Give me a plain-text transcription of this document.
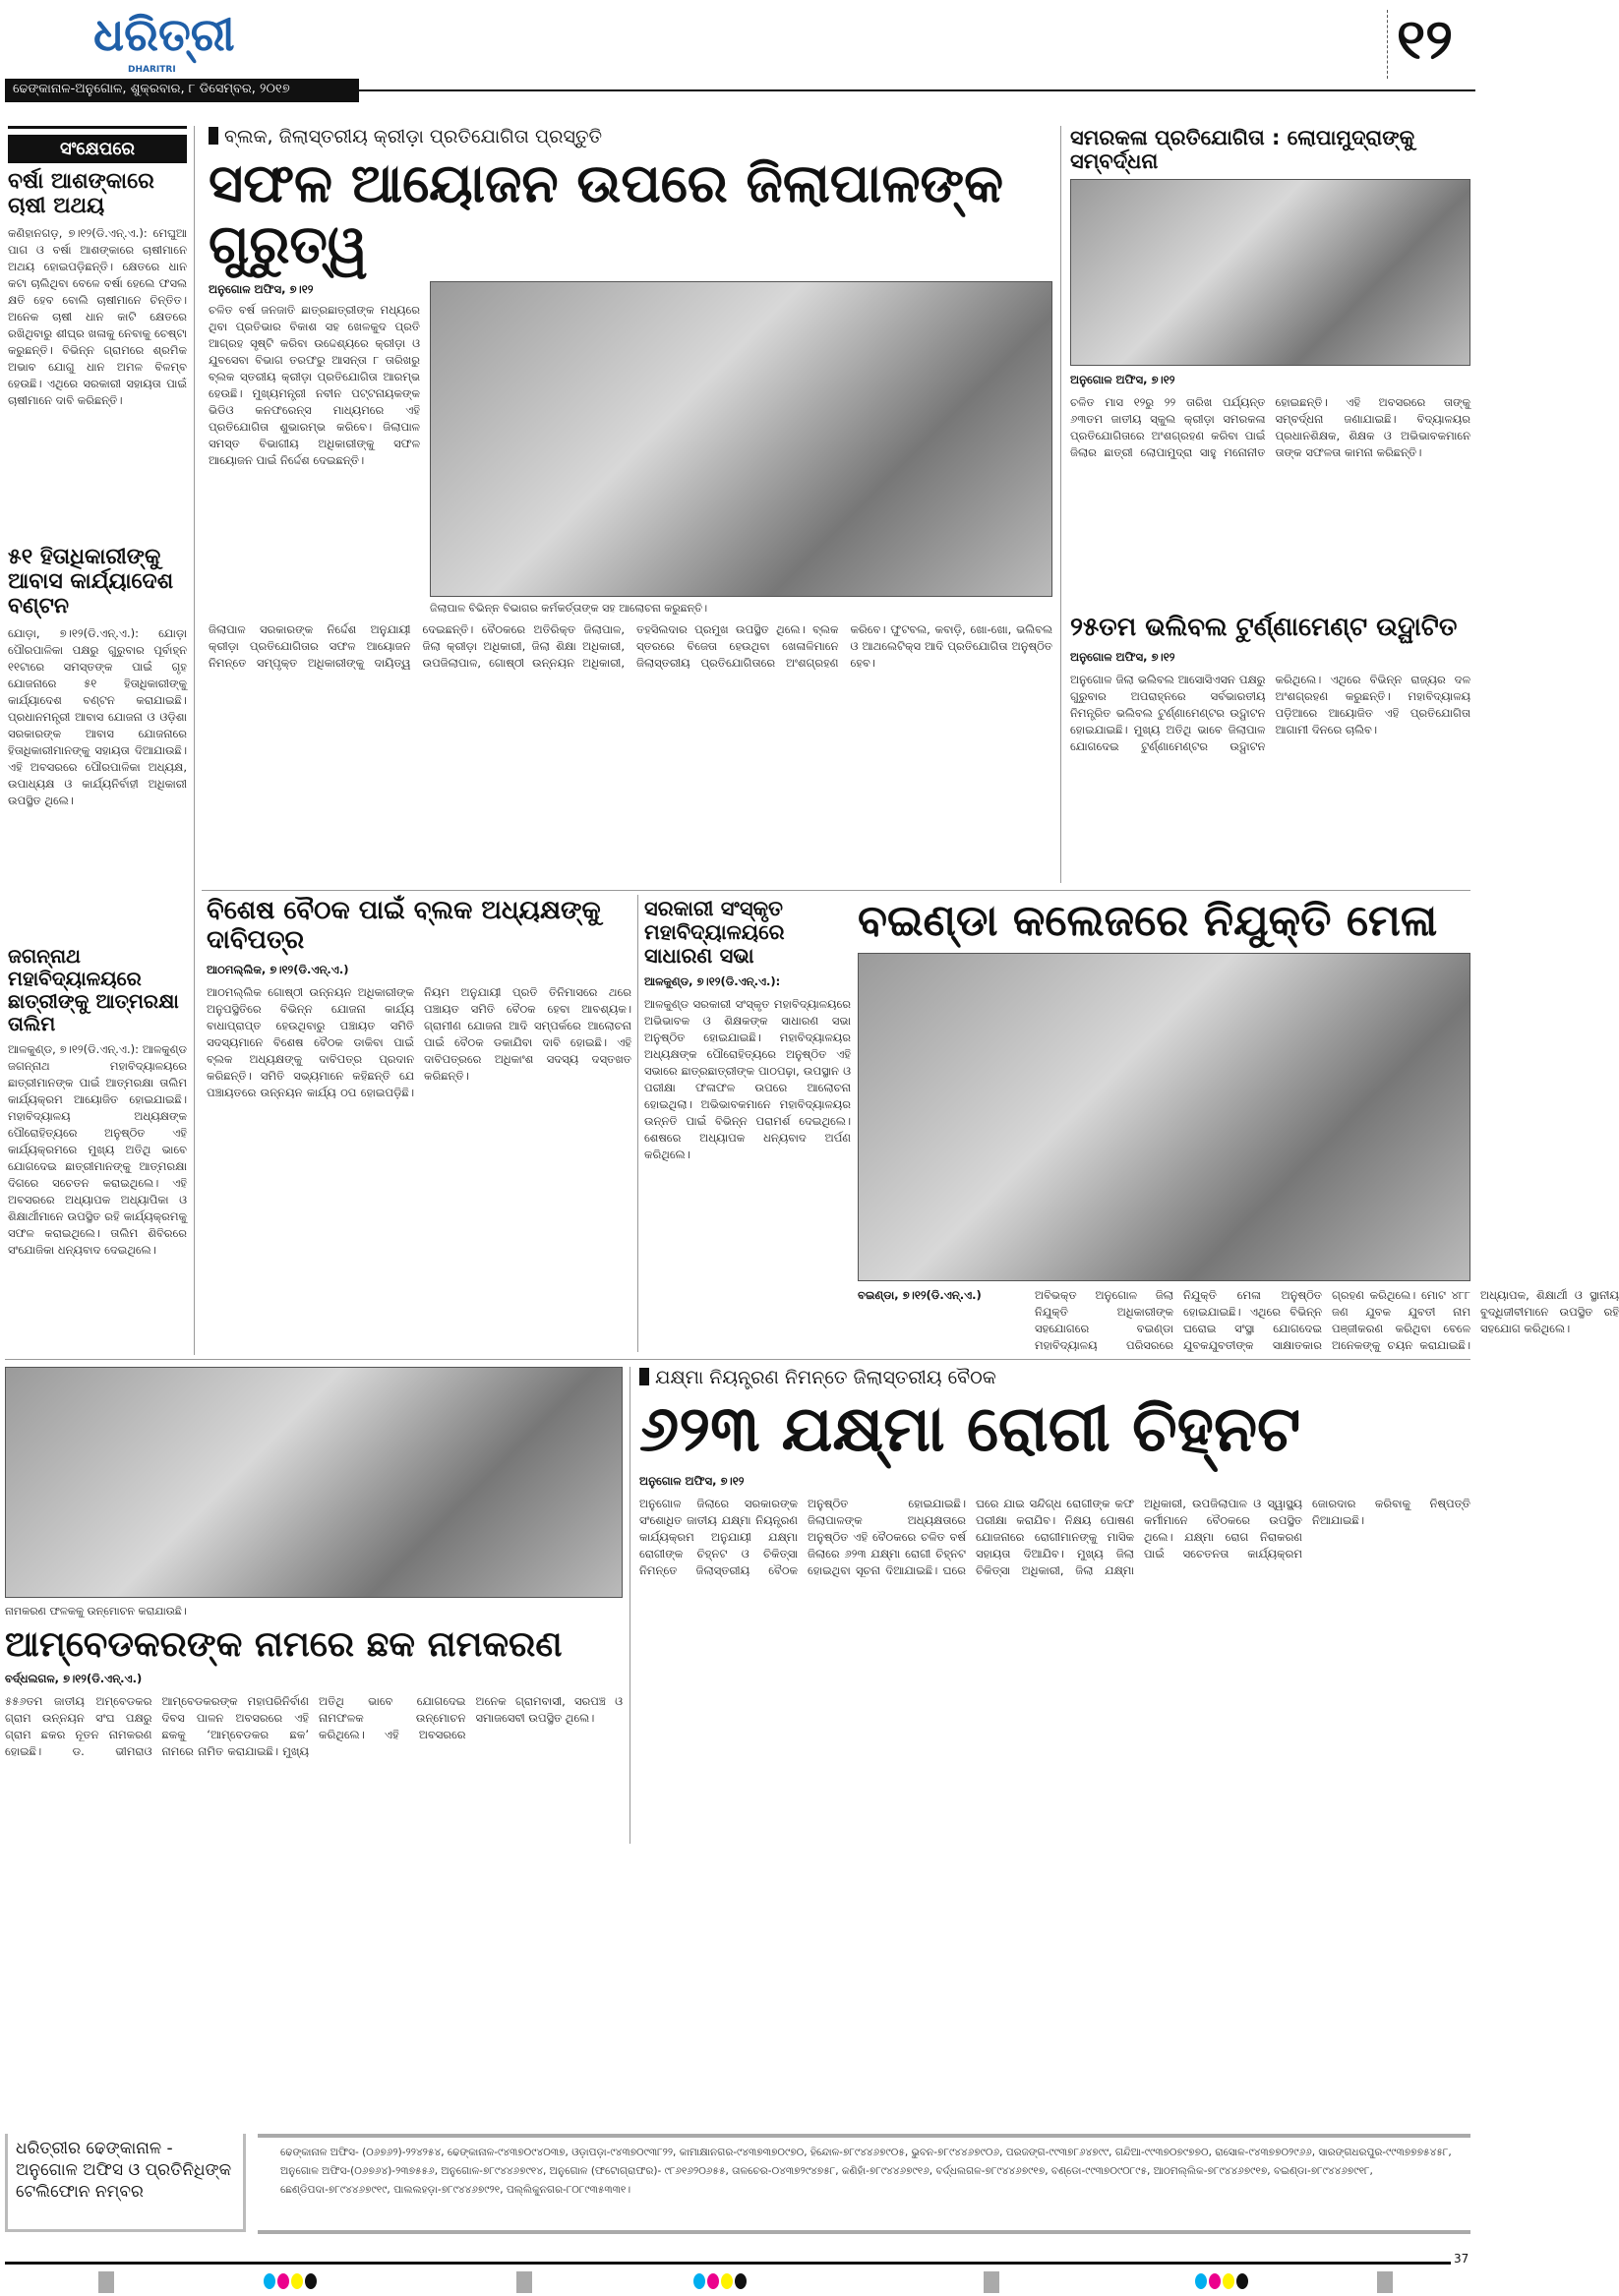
ଧରିତ୍ରୀ
DHARITRI
ଢେଙ୍କାନାଳ-ଅନୁଗୋଳ, ଶୁକ୍ରବାର, ୮ ଡିସେମ୍ବର, ୨୦୧୭
୧୨
ସଂକ୍ଷେପରେ
ବର୍ଷା ଆଶଙ୍କାରେ ଚାଷୀ ଅଥୟ
କଣିହାନଗଡ଼, ୭।୧୨(ଡି.ଏନ୍.ଏ.): ମେଘୁଆ ପାଗ ଓ ବର୍ଷା ଆଶଙ୍କାରେ ଚାଷୀମାନେ ଅଥୟ ହୋଇପଡ଼ିଛନ୍ତି। କ୍ଷେତରେ ଧାନ କଟା ଚାଲିଥିବା ବେଳେ ବର୍ଷା ହେଲେ ଫସଲ କ୍ଷତି ହେବ ବୋଲି ଚାଷୀମାନେ ଚିନ୍ତିତ। ଅନେକ ଚାଷୀ ଧାନ କାଟି କ୍ଷେତରେ ରଖିଥିବାରୁ ଶୀଘ୍ର ଖଳାକୁ ନେବାକୁ ଚେଷ୍ଟା କରୁଛନ୍ତି। ବିଭିନ୍ନ ଗ୍ରାମରେ ଶ୍ରମିକ ଅଭାବ ଯୋଗୁ ଧାନ ଅମଳ ବିଳମ୍ବ ହେଉଛି। ଏଥିରେ ସରକାରୀ ସହାୟତା ପାଇଁ ଚାଷୀମାନେ ଦାବି କରିଛନ୍ତି।
୫୧ ହିତାଧିକାରୀଙ୍କୁ ଆବାସ କାର୍ଯ୍ୟାଦେଶ ବଣ୍ଟନ
ଯୋଡ଼ା, ୭।୧୨(ଡି.ଏନ୍.ଏ.): ଯୋଡ଼ା ପୌରପାଳିକା ପକ୍ଷରୁ ଗୁରୁବାର ପୂର୍ବାହ୍ନ ୧୧ଟାରେ ସମସ୍ତଙ୍କ ପାଇଁ ଗୃହ ଯୋଜନାରେ ୫୧ ହିତାଧିକାରୀଙ୍କୁ କାର୍ଯ୍ୟାଦେଶ ବଣ୍ଟନ କରାଯାଇଛି। ପ୍ରଧାନମନ୍ତ୍ରୀ ଆବାସ ଯୋଜନା ଓ ଓଡ଼ିଶା ସରକାରଙ୍କ ଆବାସ ଯୋଜନାରେ ହିତାଧିକାରୀମାନଙ୍କୁ ସହାୟତା ଦିଆଯାଉଛି। ଏହି ଅବସରରେ ପୌରପାଳିକା ଅଧ୍ୟକ୍ଷ, ଉପାଧ୍ୟକ୍ଷ ଓ କାର୍ଯ୍ୟନିର୍ବାହୀ ଅଧିକାରୀ ଉପସ୍ଥିତ ଥିଲେ।
ଜଗନ୍ନାଥ ମହାବିଦ୍ୟାଳୟରେ ଛାତ୍ରୀଙ୍କୁ ଆତ୍ମରକ୍ଷା ତାଲିମ
ଆଳକୁଣ୍ଡ, ୭।୧୨(ଡି.ଏନ୍.ଏ.): ଆଳକୁଣ୍ଡ ଜଗନ୍ନାଥ ମହାବିଦ୍ୟାଳୟରେ ଛାତ୍ରୀମାନଙ୍କ ପାଇଁ ଆତ୍ମରକ୍ଷା ତାଲିମ କାର୍ଯ୍ୟକ୍ରମ ଆୟୋଜିତ ହୋଇଯାଇଛି। ମହାବିଦ୍ୟାଳୟ ଅଧ୍ୟକ୍ଷଙ୍କ ପୌରୋହିତ୍ୟରେ ଅନୁଷ୍ଠିତ ଏହି କାର୍ଯ୍ୟକ୍ରମରେ ମୁଖ୍ୟ ଅତିଥି ଭାବେ ଯୋଗଦେଇ ଛାତ୍ରୀମାନଙ୍କୁ ଆତ୍ମରକ୍ଷା ଦିଗରେ ସଚେତନ କରାଇଥିଲେ। ଏହି ଅବସରରେ ଅଧ୍ୟାପକ ଅଧ୍ୟାପିକା ଓ ଶିକ୍ଷାର୍ଥୀମାନେ ଉପସ୍ଥିତ ରହି କାର୍ଯ୍ୟକ୍ରମକୁ ସଫଳ କରାଇଥିଲେ। ତାଲିମ ଶିବିରରେ ସଂଯୋଜିକା ଧନ୍ୟବାଦ ଦେଇଥିଲେ।
ବ୍ଲକ, ଜିଲାସ୍ତରୀୟ କ୍ରୀଡ଼ା ପ୍ରତିଯୋଗିତା ପ୍ରସ୍ତୁତି
ସଫଳ ଆୟୋଜନ ଉପରେ ଜିଲାପାଳଙ୍କ ଗୁରୁତ୍ୱ
ଅନୁଗୋଳ ଅଫିସ, ୭।୧୨
ଚଳିତ ବର୍ଷ ଜନଜାତି ଛାତ୍ରଛାତ୍ରୀଙ୍କ ମଧ୍ୟରେ ଥିବା ପ୍ରତିଭାର ବିକାଶ ସହ ଖେଳକୁଦ ପ୍ରତି ଆଗ୍ରହ ସୃଷ୍ଟି କରିବା ଉଦ୍ଦେଶ୍ୟରେ କ୍ରୀଡ଼ା ଓ ଯୁବସେବା ବିଭାଗ ତରଫରୁ ଆସନ୍ତା ୮ ତାରିଖରୁ ବ୍ଲକ ସ୍ତରୀୟ କ୍ରୀଡ଼ା ପ୍ରତିଯୋଗିତା ଆରମ୍ଭ ହେଉଛି। ମୁଖ୍ୟମନ୍ତ୍ରୀ ନବୀନ ପଟ୍ଟନାୟକଙ୍କ ଭିଡିଓ କନଫରେନ୍ସ ମାଧ୍ୟମରେ ଏହି ପ୍ରତିଯୋଗିତା ଶୁଭାରମ୍ଭ କରିବେ। ଜିଲାପାଳ ସମସ୍ତ ବିଭାଗୀୟ ଅଧିକାରୀଙ୍କୁ ସଫଳ ଆୟୋଜନ ପାଇଁ ନିର୍ଦ୍ଦେଶ ଦେଇଛନ୍ତି।
ଜିଲାପାଳ ବିଭିନ୍ନ ବିଭାଗର କର୍ମକର୍ତ୍ତାଙ୍କ ସହ ଆଲୋଚନା କରୁଛନ୍ତି।
ଜିଲାପାଳ ସରକାରଙ୍କ ନିର୍ଦ୍ଦେଶ ଅନୁଯାୟୀ କ୍ରୀଡ଼ା ପ୍ରତିଯୋଗିତାର ସଫଳ ଆୟୋଜନ ନିମନ୍ତେ ସମ୍ପୃକ୍ତ ଅଧିକାରୀଙ୍କୁ ଦାୟିତ୍ୱ ଦେଇଛନ୍ତି। ବୈଠକରେ ଅତିରିକ୍ତ ଜିଲାପାଳ, ଜିଲା କ୍ରୀଡ଼ା ଅଧିକାରୀ, ଜିଲା ଶିକ୍ଷା ଅଧିକାରୀ, ଉପଜିଲାପାଳ, ଗୋଷ୍ଠୀ ଉନ୍ନୟନ ଅଧିକାରୀ, ତହସିଲଦାର ପ୍ରମୁଖ ଉପସ୍ଥିତ ଥିଲେ। ବ୍ଲକ ସ୍ତରରେ ବିଜେତା ହେଉଥିବା ଖେଳାଳିମାନେ ଜିଲାସ୍ତରୀୟ ପ୍ରତିଯୋଗିତାରେ ଅଂଶଗ୍ରହଣ କରିବେ। ଫୁଟବଲ, କବାଡ଼ି, ଖୋ-ଖୋ, ଭଲିବଲ ଓ ଆଥଲେଟିକ୍ସ ଆଦି ପ୍ରତିଯୋଗିତା ଅନୁଷ୍ଠିତ ହେବ।
ସମରକଳା ପ୍ରତିଯୋଗିତା : ଲୋପାମୁଦ୍ରାଙ୍କୁ ସମ୍ବର୍ଦ୍ଧନା
ଅନୁଗୋଳ ଅଫିସ, ୭।୧୨
ଚଳିତ ମାସ ୧୨ରୁ ୨୨ ତାରିଖ ପର୍ଯ୍ୟନ୍ତ ୬୩ତମ ଜାତୀୟ ସ୍କୁଲ କ୍ରୀଡ଼ା ସମରକଳା ପ୍ରତିଯୋଗିତାରେ ଅଂଶଗ୍ରହଣ କରିବା ପାଇଁ ଜିଲାର ଛାତ୍ରୀ ଲୋପାମୁଦ୍ରା ସାହୁ ମନୋନୀତ ହୋଇଛନ୍ତି। ଏହି ଅବସରରେ ତାଙ୍କୁ ସମ୍ବର୍ଦ୍ଧନା ଜଣାଯାଇଛି। ବିଦ୍ୟାଳୟର ପ୍ରଧାନଶିକ୍ଷକ, ଶିକ୍ଷକ ଓ ଅଭିଭାବକମାନେ ତାଙ୍କ ସଫଳତା କାମନା କରିଛନ୍ତି।
୨୫ତମ ଭଲିବଲ ଟୁର୍ଣ୍ଣାମେଣ୍ଟ ଉଦ୍ଘାଟିତ
ଅନୁଗୋଳ ଅଫିସ, ୭।୧୨
ଅନୁଗୋଳ ଜିଲା ଭଲିବଲ ଆସୋସିଏସନ ପକ୍ଷରୁ ଗୁରୁବାର ଅପରାହ୍ନରେ ସର୍ବଭାରତୀୟ ନିମନ୍ତ୍ରିତ ଭଲିବଲ ଟୁର୍ଣ୍ଣାମେଣ୍ଟର ଉଦ୍ଘାଟନ ହୋଇଯାଇଛି। ମୁଖ୍ୟ ଅତିଥି ଭାବେ ଜିଲାପାଳ ଯୋଗଦେଇ ଟୁର୍ଣ୍ଣାମେଣ୍ଟର ଉଦ୍ଘାଟନ କରିଥିଲେ। ଏଥିରେ ବିଭିନ୍ନ ରାଜ୍ୟର ଦଳ ଅଂଶଗ୍ରହଣ କରୁଛନ୍ତି। ମହାବିଦ୍ୟାଳୟ ପଡ଼ିଆରେ ଆୟୋଜିତ ଏହି ପ୍ରତିଯୋଗିତା ଆଗାମୀ ଦିନରେ ଚାଲିବ।
ବିଶେଷ ବୈଠକ ପାଇଁ ବ୍ଲକ ଅଧ୍ୟକ୍ଷଙ୍କୁ ଦାବିପତ୍ର
ଆଠମଲ୍ଲିକ, ୭।୧୨(ଡି.ଏନ୍.ଏ.)
ଆଠମଲ୍ଲିକ ଗୋଷ୍ଠୀ ଉନ୍ନୟନ ଅଧିକାରୀଙ୍କ ଅନୁପସ୍ଥିତିରେ ବିଭିନ୍ନ ଯୋଜନା କାର୍ଯ୍ୟ ବାଧାପ୍ରାପ୍ତ ହେଉଥିବାରୁ ପଞ୍ଚାୟତ ସମିତି ସଦସ୍ୟମାନେ ବିଶେଷ ବୈଠକ ଡାକିବା ପାଇଁ ବ୍ଲକ ଅଧ୍ୟକ୍ଷଙ୍କୁ ଦାବିପତ୍ର ପ୍ରଦାନ କରିଛନ୍ତି। ସମିତି ସଭ୍ୟମାନେ କହିଛନ୍ତି ଯେ ପଞ୍ଚାୟତରେ ଉନ୍ନୟନ କାର୍ଯ୍ୟ ଠପ ହୋଇପଡ଼ିଛି। ନିୟମ ଅନୁଯାୟୀ ପ୍ରତି ତିନିମାସରେ ଥରେ ପଞ୍ଚାୟତ ସମିତି ବୈଠକ ହେବା ଆବଶ୍ୟକ। ଗ୍ରାମୀଣ ଯୋଜନା ଆଦି ସମ୍ପର୍କରେ ଆଲୋଚନା ପାଇଁ ବୈଠକ ଡକାଯିବା ଦାବି ହୋଇଛି। ଏହି ଦାବିପତ୍ରରେ ଅଧିକାଂଶ ସଦସ୍ୟ ଦସ୍ତଖତ କରିଛନ୍ତି।
ସରକାରୀ ସଂସ୍କୃତ ମହାବିଦ୍ୟାଳୟରେ ସାଧାରଣ ସଭା
ଆଳକୁଣ୍ଡ, ୭।୧୨(ଡି.ଏନ୍.ଏ.):
ଆଳକୁଣ୍ଡ ସରକାରୀ ସଂସ୍କୃତ ମହାବିଦ୍ୟାଳୟରେ ଅଭିଭାବକ ଓ ଶିକ୍ଷକଙ୍କ ସାଧାରଣ ସଭା ଅନୁଷ୍ଠିତ ହୋଇଯାଇଛି। ମହାବିଦ୍ୟାଳୟର ଅଧ୍ୟକ୍ଷଙ୍କ ପୌରୋହିତ୍ୟରେ ଅନୁଷ୍ଠିତ ଏହି ସଭାରେ ଛାତ୍ରଛାତ୍ରୀଙ୍କ ପାଠପଢ଼ା, ଉପସ୍ଥାନ ଓ ପରୀକ୍ଷା ଫଳାଫଳ ଉପରେ ଆଲୋଚନା ହୋଇଥିଲା। ଅଭିଭାବକମାନେ ମହାବିଦ୍ୟାଳୟର ଉନ୍ନତି ପାଇଁ ବିଭିନ୍ନ ପରାମର୍ଶ ଦେଇଥିଲେ। ଶେଷରେ ଅଧ୍ୟାପକ ଧନ୍ୟବାଦ ଅର୍ପଣ କରିଥିଲେ।
ବଇଣ୍ଡା କଲେଜରେ ନିଯୁକ୍ତି ମେଳା
ବଇଣ୍ଡା, ୭।୧୨(ଡି.ଏନ୍.ଏ.)	ଅବିଭକ୍ତ ଅନୁଗୋଳ ଜିଲା ନିଯୁକ୍ତି ଅଧିକାରୀଙ୍କ ସହଯୋଗରେ ବଇଣ୍ଡା ମହାବିଦ୍ୟାଳୟ ପରିସରରେ ନିଯୁକ୍ତି ମେଳା ଅନୁଷ୍ଠିତ ହୋଇଯାଇଛି। ଏଥିରେ ବିଭିନ୍ନ ଘରୋଇ ସଂସ୍ଥା ଯୋଗଦେଇ ଯୁବକଯୁବତୀଙ୍କ ସାକ୍ଷାତକାର ଗ୍ରହଣ କରିଥିଲେ। ମୋଟ ୪୮୮ ଜଣ ଯୁବକ ଯୁବତୀ ନାମ ପଞ୍ଜୀକରଣ କରିଥିବା ବେଳେ ଅନେକଙ୍କୁ ଚୟନ କରାଯାଇଛି। ଅଧ୍ୟାପକ, ଶିକ୍ଷାର୍ଥୀ ଓ ସ୍ଥାନୀୟ ବୁଦ୍ଧିଜୀବୀମାନେ ଉପସ୍ଥିତ ରହି ସହଯୋଗ କରିଥିଲେ।
ନାମକରଣ ଫଳକକୁ ଉନ୍ମୋଚନ କରାଯାଉଛି।
ଆମ୍ବେଡକରଙ୍କ ନାମରେ ଛକ ନାମକରଣ
ବର୍ଦ୍ଧଲଗଳ, ୭।୧୨(ଡି.ଏନ୍.ଏ.)
୫୫୬ତମ ଜାତୀୟ ଅମ୍ବେଡକର ଗ୍ରାମ ଉନ୍ନୟନ ସଂଘ ପକ୍ଷରୁ ଗ୍ରାମ ଛକର ନୂତନ ନାମକରଣ ହୋଇଛି। ଡ. ଭୀମରାଓ ଆମ୍ବେଡକରଙ୍କ ମହାପରିନିର୍ବାଣ ଦିବସ ପାଳନ ଅବସରରେ ଏହି ଛକକୁ ‘ଆମ୍ବେଡକର ଛକ’ ନାମରେ ନାମିତ କରାଯାଇଛି। ମୁଖ୍ୟ ଅତିଥି ଭାବେ ଯୋଗଦେଇ ନାମଫଳକ ଉନ୍ମୋଚନ କରିଥିଲେ। ଏହି ଅବସରରେ ଅନେକ ଗ୍ରାମବାସୀ, ସରପଞ୍ଚ ଓ ସମାଜସେବୀ ଉପସ୍ଥିତ ଥିଲେ।
ଯକ୍ଷ୍ମା ନିୟନ୍ତ୍ରଣ ନିମନ୍ତେ ଜିଲାସ୍ତରୀୟ ବୈଠକ
୬୨୩ ଯକ୍ଷ୍ମା ରୋଗୀ ଚିହ୍ନଟ
ଅନୁଗୋଳ ଅଫିସ, ୭।୧୨
ଅନୁଗୋଳ ଜିଲାରେ ସରକାରଙ୍କ ସଂଶୋଧିତ ଜାତୀୟ ଯକ୍ଷ୍ମା ନିୟନ୍ତ୍ରଣ କାର୍ଯ୍ୟକ୍ରମ ଅନୁଯାୟୀ ଯକ୍ଷ୍ମା ରୋଗୀଙ୍କ ଚିହ୍ନଟ ଓ ଚିକିତ୍ସା ନିମନ୍ତେ ଜିଲାସ୍ତରୀୟ ବୈଠକ ଅନୁଷ୍ଠିତ ହୋଇଯାଇଛି। ଜିଲାପାଳଙ୍କ ଅଧ୍ୟକ୍ଷତାରେ ଅନୁଷ୍ଠିତ ଏହି ବୈଠକରେ ଚଳିତ ବର୍ଷ ଜିଲାରେ ୬୨୩ ଯକ୍ଷ୍ମା ରୋଗୀ ଚିହ୍ନଟ ହୋଇଥିବା ସୂଚନା ଦିଆଯାଇଛି। ଘରେ ଘରେ ଯାଇ ସନ୍ଦିଗ୍ଧ ରୋଗୀଙ୍କ କଫ ପରୀକ୍ଷା କରାଯିବ। ନିକ୍ଷୟ ପୋଷଣ ଯୋଜନାରେ ରୋଗୀମାନଙ୍କୁ ମାସିକ ସହାୟତା ଦିଆଯିବ। ମୁଖ୍ୟ ଜିଲା ଚିକିତ୍ସା ଅଧିକାରୀ, ଜିଲା ଯକ୍ଷ୍ମା ଅଧିକାରୀ, ଉପଜିଲାପାଳ ଓ ସ୍ୱାସ୍ଥ୍ୟ କର୍ମୀମାନେ ବୈଠକରେ ଉପସ୍ଥିତ ଥିଲେ। ଯକ୍ଷ୍ମା ରୋଗ ନିରାକରଣ ପାଇଁ ସଚେତନତା କାର୍ଯ୍ୟକ୍ରମ ଜୋରଦାର କରିବାକୁ ନିଷ୍ପତ୍ତି ନିଆଯାଇଛି।
ଧରିତ୍ରୀର ଢେଙ୍କାନାଳ - ଅନୁଗୋଳ ଅଫିସ ଓ ପ୍ରତିନିଧିଙ୍କ ଟେଲିଫୋନ ନମ୍ବର
ଢେଙ୍କାନାଳ ଅଫିସ- (୦୬୭୬୨)-୨୨୪୨୫୪, ଢେଙ୍କାନାଳ-୯୪୩୭୦୯୪୦୩୭, ଓଡ଼ାପଡ଼ା-୯୪୩୭୦୯୩୮୨୨, କାମାକ୍ଷାନଗର-୯୪୩୭୩୭୦୯୭୦, ହିନ୍ଦୋଳ-୭୮୯୪୪୬୭୯୦୫, ଭୁବନ-୭୮୯୪୪୬୭୯୦୬, ପରଜଙ୍ଗ-୯୯୩୭୮୬୪୭୯୯, ଗନ୍ଦିଆ-୯୯୩୭୦୭୯୭୭୦, ରାସୋଳ-୯୪୩୭୭୦୨୯୬୬, ସାରଙ୍ଗଧରପୁର-୯୯୩୭୭୭୫୪୫୮, ଅନୁଗୋଳ ଅଫିସ-(୦୬୭୬୪)-୨୩୭୫୫୬, ଅନୁଗୋଳ-୭୮୯୪୪୬୭୯୧୪, ଅନୁଗୋଳ (ଫଟୋଗ୍ରାଫର)- ୯୮୬୧୬୨୦୬୫୫, ତାଳଚେର-୦୪୩୭୨୯୪୭୫୮, କଣିହାଁ-୭୮୯୪୪୬୭୯୧୬, ବର୍ଦ୍ଧଲଗଳ-୭୮୯୪୪୬୭୯୧୭, ବଣ୍ଡୋ-୯୯୩୭୦୯୦୮୯୫, ଆଠମଲ୍ଲିକ-୭୮୯୪୪୬୭୯୧୭, ବଇଣ୍ଡା-୭୮୯୪୪୬୭୯୧୮, ଛେଣ୍ଡିପଦା-୭୮୯୪୪୬୭୯୧୯, ପାଲଲହଡ଼ା-୭୮୯୪୪୬୭୯୨୧, ପଲ୍ଲିକୁନଗର-୮୦୮୯୩୫୩୩୧।
37
